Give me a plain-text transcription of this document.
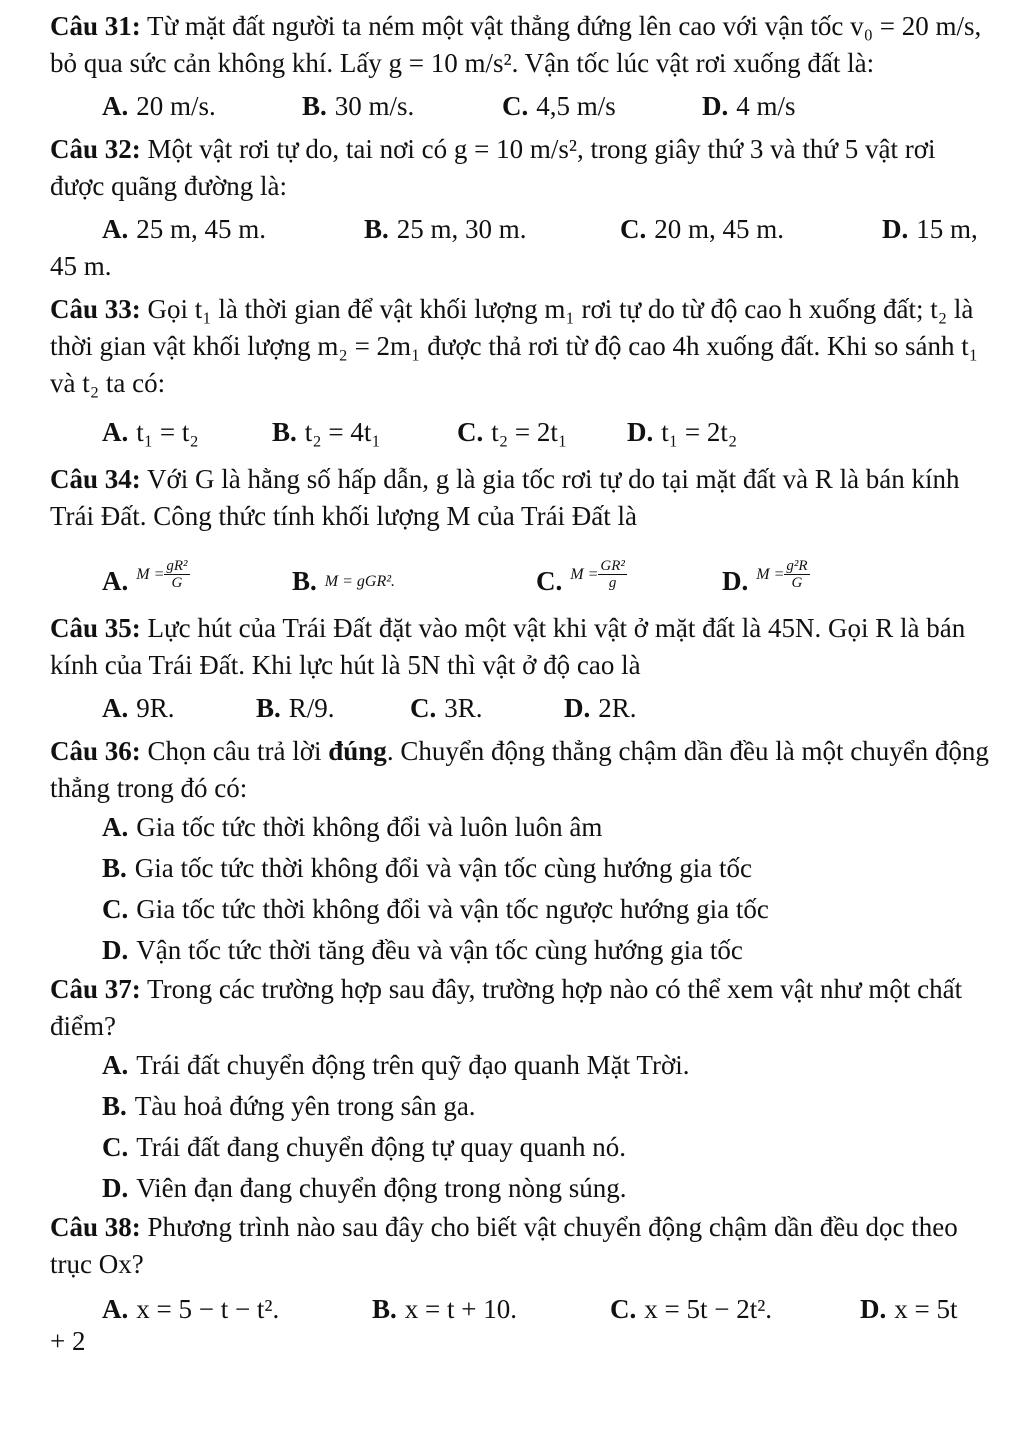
Câu 31: Từ mặt đất người ta ném một vật thẳng đứng lên cao với vận tốc v₀ = 20 m/s, bỏ qua sức cản không khí. Lấy g = 10 m/s². Vận tốc lúc vật rơi xuống đất là:

A. 20 m/s.	B. 30 m/s.	C. 4,5 m/s	D. 4 m/s

Câu 32: Một vật rơi tự do, tai nơi có g = 10 m/s², trong giây thứ 3 và thứ 5 vật rơi được quãng đường là:

A. 25 m, 45 m.	B. 25 m, 30 m.	C. 20 m, 45 m.	D. 15 m,

45 m.

Câu 33: Gọi t₁ là thời gian để vật khối lượng m₁ rơi tự do từ độ cao h xuống đất; t₂ là thời gian vật khối lượng m₂ = 2m₁ được thả rơi từ độ cao 4h xuống đất. Khi so sánh t₁ và t₂ ta có:

A. t₁ = t₂	B. t₂ = 4t₁	C. t₂ = 2t₁	D. t₁ = 2t₂

Câu 34: Với G là hằng số hấp dẫn, g là gia tốc rơi tự do tại mặt đất và R là bán kính Trái Đất. Công thức tính khối lượng M của Trái Đất là

A. $M = \frac{\text{gR²}}{G}$	B. M = gGR².	C. $M = \frac{\text{GR²}}{g}$	D. $M = \frac{\text{g²R}}{G}$

Câu 35: Lực hút của Trái Đất đặt vào một vật khi vật ở mặt đất là 45N. Gọi R là bán kính của Trái Đất. Khi lực hút là 5N thì vật ở độ cao là

A. 9R.	B. R/9.	C. 3R.	D. 2R.

Câu 36: Chọn câu trả lời đúng. Chuyển động thẳng chậm dần đều là một chuyển động thẳng trong đó có:

A. Gia tốc tức thời không đổi và luôn luôn âm
B. Gia tốc tức thời không đổi và vận tốc cùng hướng gia tốc
C. Gia tốc tức thời không đổi và vận tốc ngược hướng gia tốc
D. Vận tốc tức thời tăng đều và vận tốc cùng hướng gia tốc

Câu 37: Trong các trường hợp sau đây, trường hợp nào có thể xem vật như một chất điểm?

A. Trái đất chuyển động trên quỹ đạo quanh Mặt Trời.
B. Tàu hoả đứng yên trong sân ga.
C. Trái đất đang chuyển động tự quay quanh nó.
D. Viên đạn đang chuyển động trong nòng súng.

Câu 38: Phương trình nào sau đây cho biết vật chuyển động chậm dần đều dọc theo trục Ox?

A. x = 5 − t − t².	B. x = t + 10.	C. x = 5t − 2t².	D. x = 5t

+ 2
